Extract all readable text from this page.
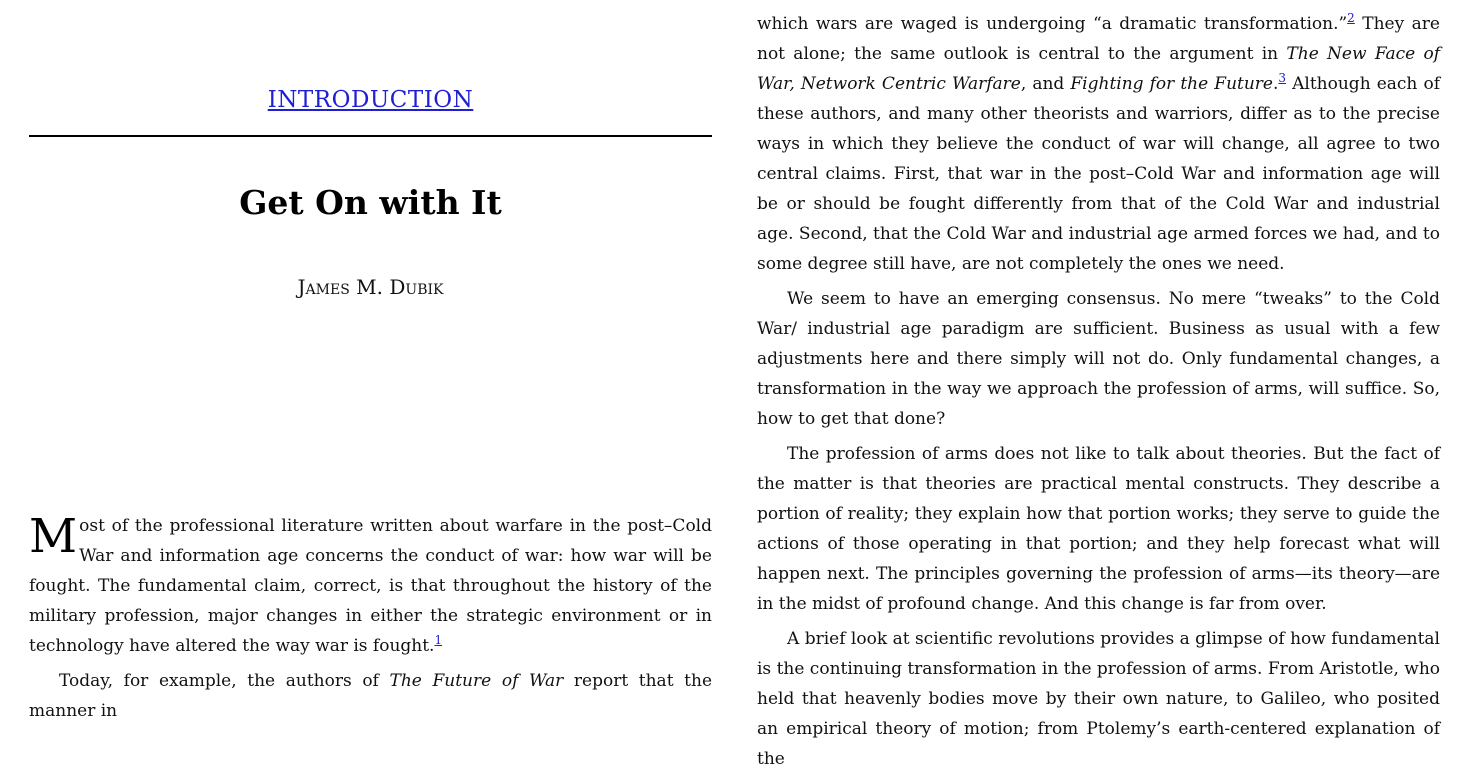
INTRODUCTION
Get On with It
James M. Dubik

Most of the professional literature written about warfare in the post–Cold War and information age concerns the conduct of war: how war will be fought. The fundamental claim, correct, is that throughout the history of the military profession, major changes in either the strategic environment or in technology have altered the way war is fought.$^1$

Today, for example, the authors of The Future of War report that the manner in

which wars are waged is undergoing “a dramatic transformation.”$^2$ They are not alone; the same outlook is central to the argument in The New Face of War, Network Centric Warfare, and Fighting for the Future.$^3$ Although each of these authors, and many other theorists and warriors, differ as to the precise ways in which they believe the conduct of war will change, all agree to two central claims. First, that war in the post–Cold War and information age will be or should be fought differently from that of the Cold War and industrial age. Second, that the Cold War and industrial age armed forces we had, and to some degree still have, are not completely the ones we need.

We seem to have an emerging consensus. No mere “tweaks” to the Cold War/ industrial age paradigm are sufficient. Business as usual with a few adjustments here and there simply will not do. Only fundamental changes, a transformation in the way we approach the profession of arms, will suffice. So, how to get that done?

The profession of arms does not like to talk about theories. But the fact of the matter is that theories are practical mental constructs. They describe a portion of reality; they explain how that portion works; they serve to guide the actions of those operating in that portion; and they help forecast what will happen next. The principles governing the profession of arms—its theory—are in the midst of profound change. And this change is far from over.

A brief look at scientific revolutions provides a glimpse of how fundamental is the continuing transformation in the profession of arms. From Aristotle, who held that heavenly bodies move by their own nature, to Galileo, who posited an empirical theory of motion; from Ptolemy’s earth-centered explanation of the
